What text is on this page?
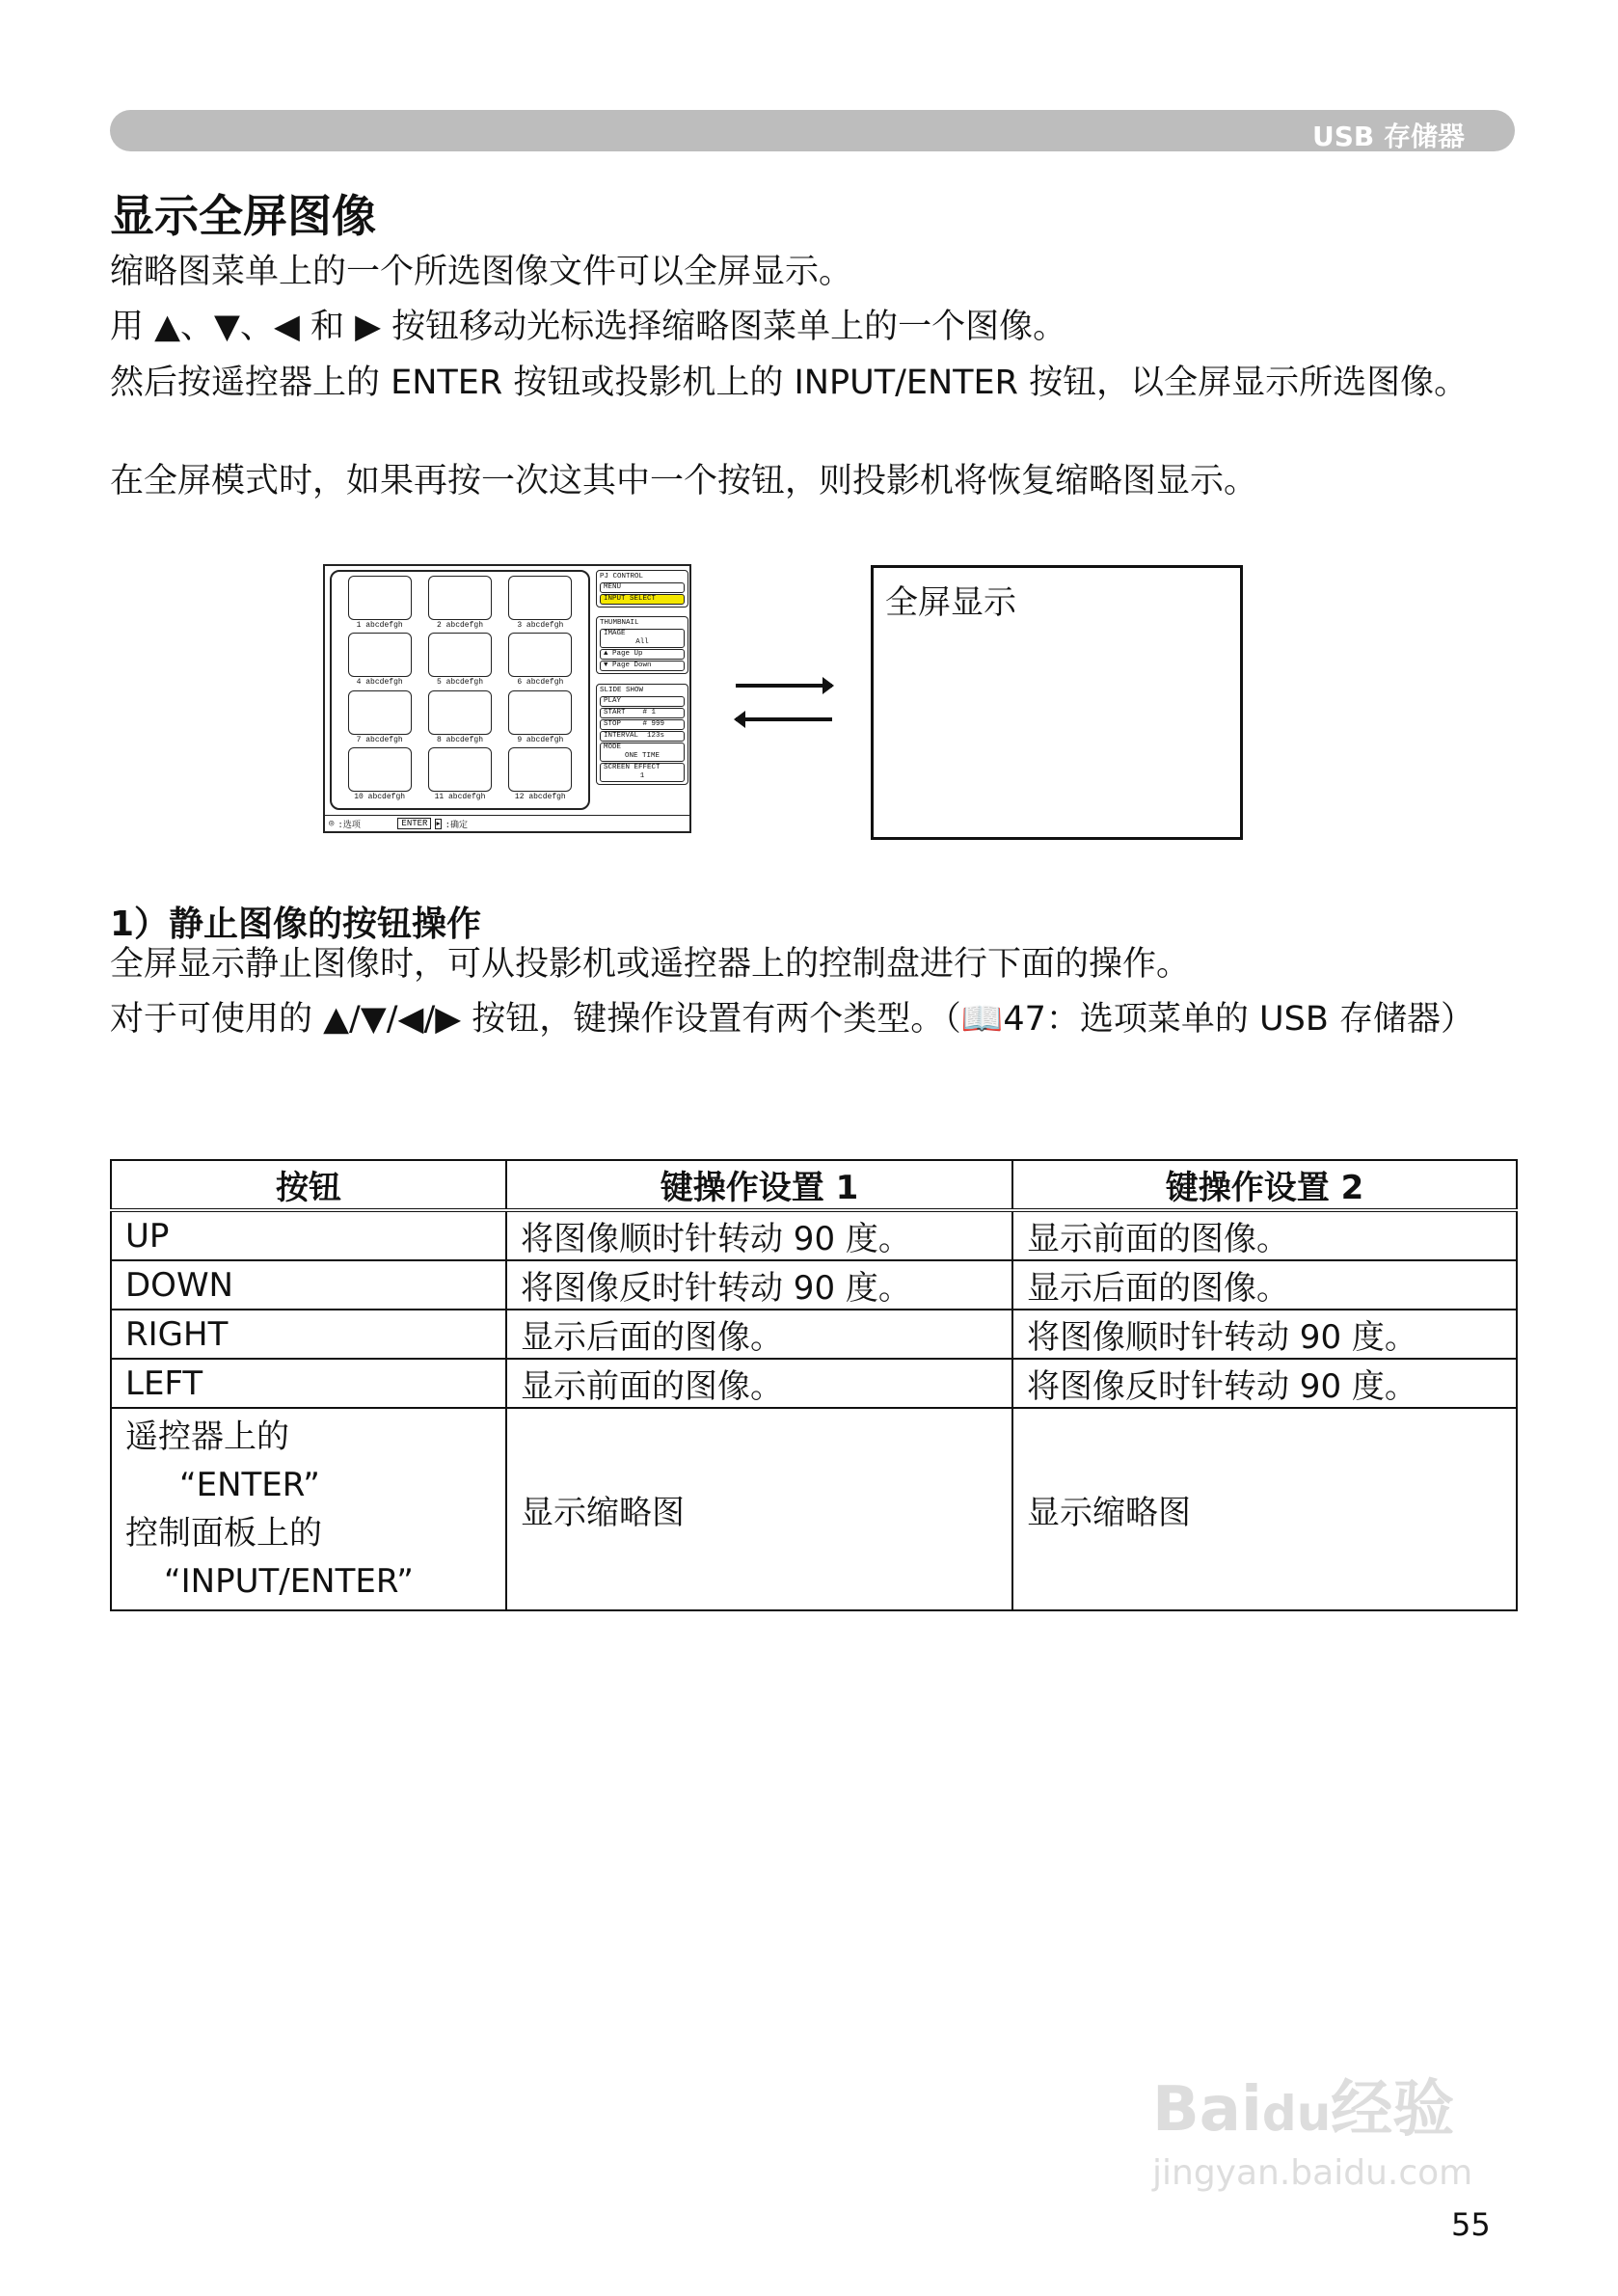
USB 存储器
显示全屏图像
缩略图菜单上的一个所选图像文件可以全屏显示。
用 ▲、▼、◀ 和 ▶ 按钮移动光标选择缩略图菜单上的一个图像。
然后按遥控器上的 ENTER 按钮或投影机上的 INPUT/ENTER 按钮，以全屏显示所选图像。
在全屏模式时，如果再按一次这其中一个按钮，则投影机将恢复缩略图显示。
1 abcdefgh	2 abcdefgh	3 abcdefgh
4 abcdefgh	5 abcdefgh	6 abcdefgh
7 abcdefgh	8 abcdefgh	9 abcdefgh
10 abcdefgh	11 abcdefgh	12 abcdefgh
PJ CONTROL
MENU
INPUT SELECT
THUMBNAIL
IMAGE
All
▲ Page Up
▼ Page Down
SLIDE SHOW
PLAY
START    # 1
STOP     # 999
INTERVAL  123s
MODE
ONE TIME
SCREEN EFFECT
1
◎ :选项	ENTER	▶ :确定
全屏显示
1）静止图像的按钮操作
全屏显示静止图像时，可从投影机或遥控器上的控制盘进行下面的操作。
对于可使用的 ▲/▼/◀/▶ 按钮，键操作设置有两个类型。（📖47：选项菜单的 USB 存储器）
按钮	键操作设置 1	键操作设置 2
UP	将图像顺时针转动 90 度。	显示前面的图像。
DOWN	将图像反时针转动 90 度。	显示后面的图像。
RIGHT	显示后面的图像。	将图像顺时针转动 90 度。
LEFT	显示前面的图像。	将图像反时针转动 90 度。

遥控器上的
“ENTER”
控制面板上的
“INPUT/ENTER”	显示缩略图	显示缩略图
Baidu经验
jingyan.baidu.com
55
